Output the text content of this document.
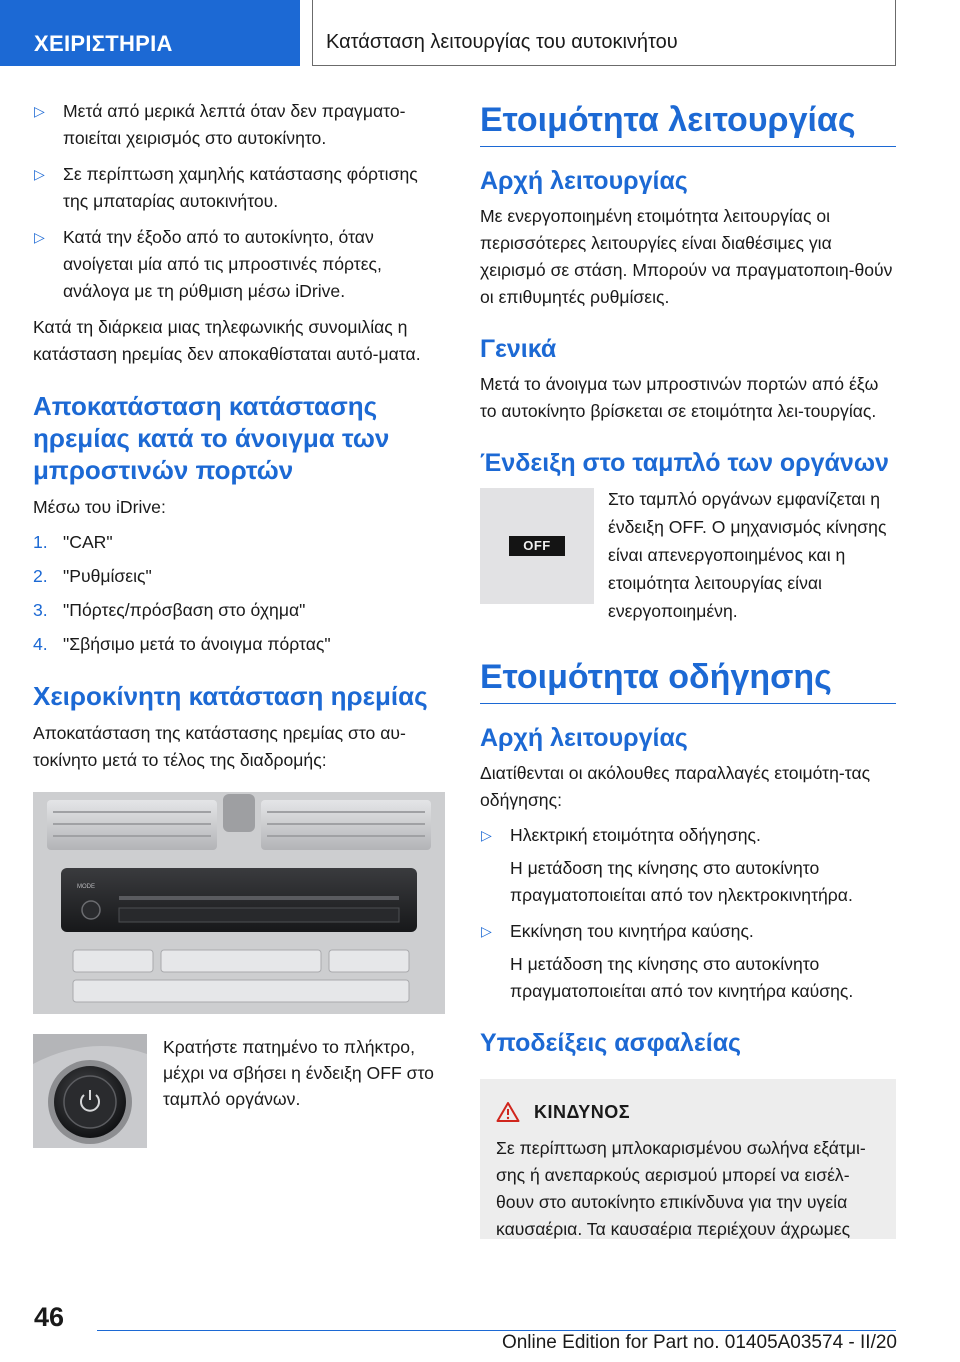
ΧΕΙΡΙΣΤΗΡΙΑ	Κατάσταση λειτουργίας του αυτοκινήτου
▷ Μετά από μερικά λεπτά όταν δεν πραγματο‐ποιείται χειρισμός στο αυτοκίνητο.
▷ Σε περίπτωση χαμηλής κατάστασης φόρτισης της μπαταρίας αυτοκινήτου.
▷ Κατά την έξοδο από το αυτοκίνητο, όταν ανοίγεται μία από τις μπροστινές πόρτες, ανάλογα με τη ρύθμιση μέσω iDrive.

Κατά τη διάρκεια μιας τηλεφωνικής συνομιλίας η κατάσταση ηρεμίας δεν αποκαθίσταται αυτό‐ματα.

Αποκατάσταση κατάστασης ηρεμίας κατά το άνοιγμα των μπροστινών πορτών

Μέσω του iDrive:

1. "CAR"
2. "Ρυθμίσεις"
3. "Πόρτες/πρόσβαση στο όχημα"
4. "Σβήσιμο μετά το άνοιγμα πόρτας"
Χειροκίνητη κατάσταση ηρεμίας

Αποκατάσταση της κατάστασης ηρεμίας στο αυ‐τοκίνητο μετά το τέλος της διαδρομής:

MODE
Κρατήστε πατημένο το πλήκτρο, μέχρι να σβήσει η ένδειξη OFF στο ταμπλό οργάνων.
Ετοιμότητα λειτουργίας
Αρχή λειτουργίας

Με ενεργοποιημένη ετοιμότητα λειτουργίας οι περισσότερες λειτουργίες είναι διαθέσιμες για χειρισμό σε στάση. Μπορούν να πραγματοποιη‐θούν οι επιθυμητές ρυθμίσεις.

Γενικά

Μετά το άνοιγμα των μπροστινών πορτών από έξω το αυτοκίνητο βρίσκεται σε ετοιμότητα λει‐τουργίας.

Ένδειξη στο ταμπλό των οργάνων
OFF
Στο ταμπλό οργάνων εμφανίζεται η ένδειξη OFF. Ο μηχανισμός κίνησης είναι απενεργοποιημένος και η ετοιμότητα λειτουργίας είναι ενεργοποιημένη.
Ετοιμότητα οδήγησης
Αρχή λειτουργίας

Διατίθενται οι ακόλουθες παραλλαγές ετοιμότη‐τας οδήγησης:

▷ Ηλεκτρική ετοιμότητα οδήγησης.
Η μετάδοση της κίνησης στο αυτοκίνητο πραγματοποιείται από τον ηλεκτροκινητήρα.
▷ Εκκίνηση του κινητήρα καύσης.
Η μετάδοση της κίνησης στο αυτοκίνητο πραγματοποιείται από τον κινητήρα καύσης.
Υποδείξεις ασφαλείας
ΚΙΝΔΥΝΟΣ
Σε περίπτωση μπλοκαρισμένου σωλήνα εξάτμι‐σης ή ανεπαρκούς αερισμού μπορεί να εισέλ‐θουν στο αυτοκίνητο επικίνδυνα για την υγεία καυσαέρια. Τα καυσαέρια περιέχουν άχρωμες
46
Online Edition for Part no. 01405A03574 - II/20
